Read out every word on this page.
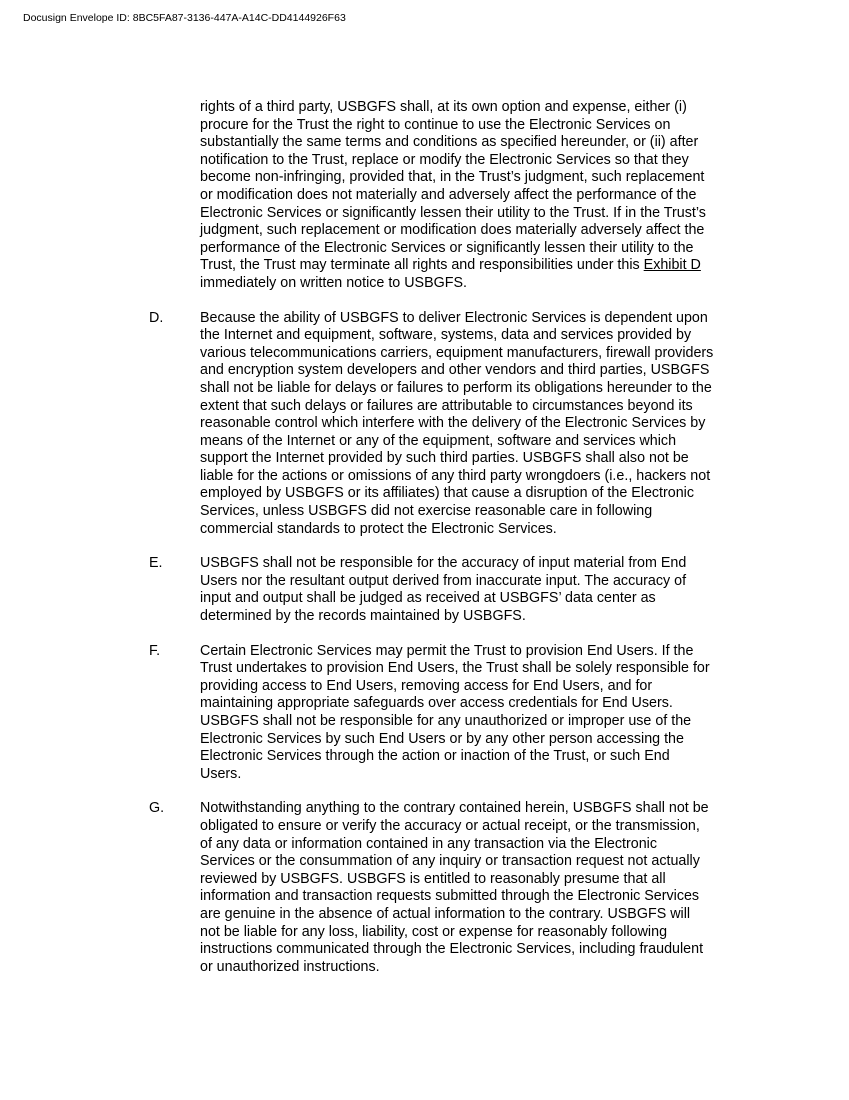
Docusign Envelope ID: 8BC5FA87-3136-447A-A14C-DD4144926F63
rights of a third party, USBGFS shall, at its own option and expense, either (i)
procure for the Trust the right to continue to use the Electronic Services on
substantially the same terms and conditions as specified hereunder, or (ii) after
notification to the Trust, replace or modify the Electronic Services so that they
become non-infringing, provided that, in the Trust’s judgment, such replacement
or modification does not materially and adversely affect the performance of the
Electronic Services or significantly lessen their utility to the Trust. If in the Trust’s
judgment, such replacement or modification does materially adversely affect the
performance of the Electronic Services or significantly lessen their utility to the
Trust, the Trust may terminate all rights and responsibilities under this Exhibit D
immediately on written notice to USBGFS.
D.	Because the ability of USBGFS to deliver Electronic Services is dependent upon
the Internet and equipment, software, systems, data and services provided by
various telecommunications carriers, equipment manufacturers, firewall providers
and encryption system developers and other vendors and third parties, USBGFS
shall not be liable for delays or failures to perform its obligations hereunder to the
extent that such delays or failures are attributable to circumstances beyond its
reasonable control which interfere with the delivery of the Electronic Services by
means of the Internet or any of the equipment, software and services which
support the Internet provided by such third parties. USBGFS shall also not be
liable for the actions or omissions of any third party wrongdoers (i.e., hackers not
employed by USBGFS or its affiliates) that cause a disruption of the Electronic
Services, unless USBGFS did not exercise reasonable care in following
commercial standards to protect the Electronic Services.
E.	USBGFS shall not be responsible for the accuracy of input material from End
Users nor the resultant output derived from inaccurate input. The accuracy of
input and output shall be judged as received at USBGFS’ data center as
determined by the records maintained by USBGFS.
F.	Certain Electronic Services may permit the Trust to provision End Users. If the
Trust undertakes to provision End Users, the Trust shall be solely responsible for
providing access to End Users, removing access for End Users, and for
maintaining appropriate safeguards over access credentials for End Users.
USBGFS shall not be responsible for any unauthorized or improper use of the
Electronic Services by such End Users or by any other person accessing the
Electronic Services through the action or inaction of the Trust, or such End
Users.
G.	Notwithstanding anything to the contrary contained herein, USBGFS shall not be
obligated to ensure or verify the accuracy or actual receipt, or the transmission,
of any data or information contained in any transaction via the Electronic
Services or the consummation of any inquiry or transaction request not actually
reviewed by USBGFS. USBGFS is entitled to reasonably presume that all
information and transaction requests submitted through the Electronic Services
are genuine in the absence of actual information to the contrary. USBGFS will
not be liable for any loss, liability, cost or expense for reasonably following
instructions communicated through the Electronic Services, including fraudulent
or unauthorized instructions.
